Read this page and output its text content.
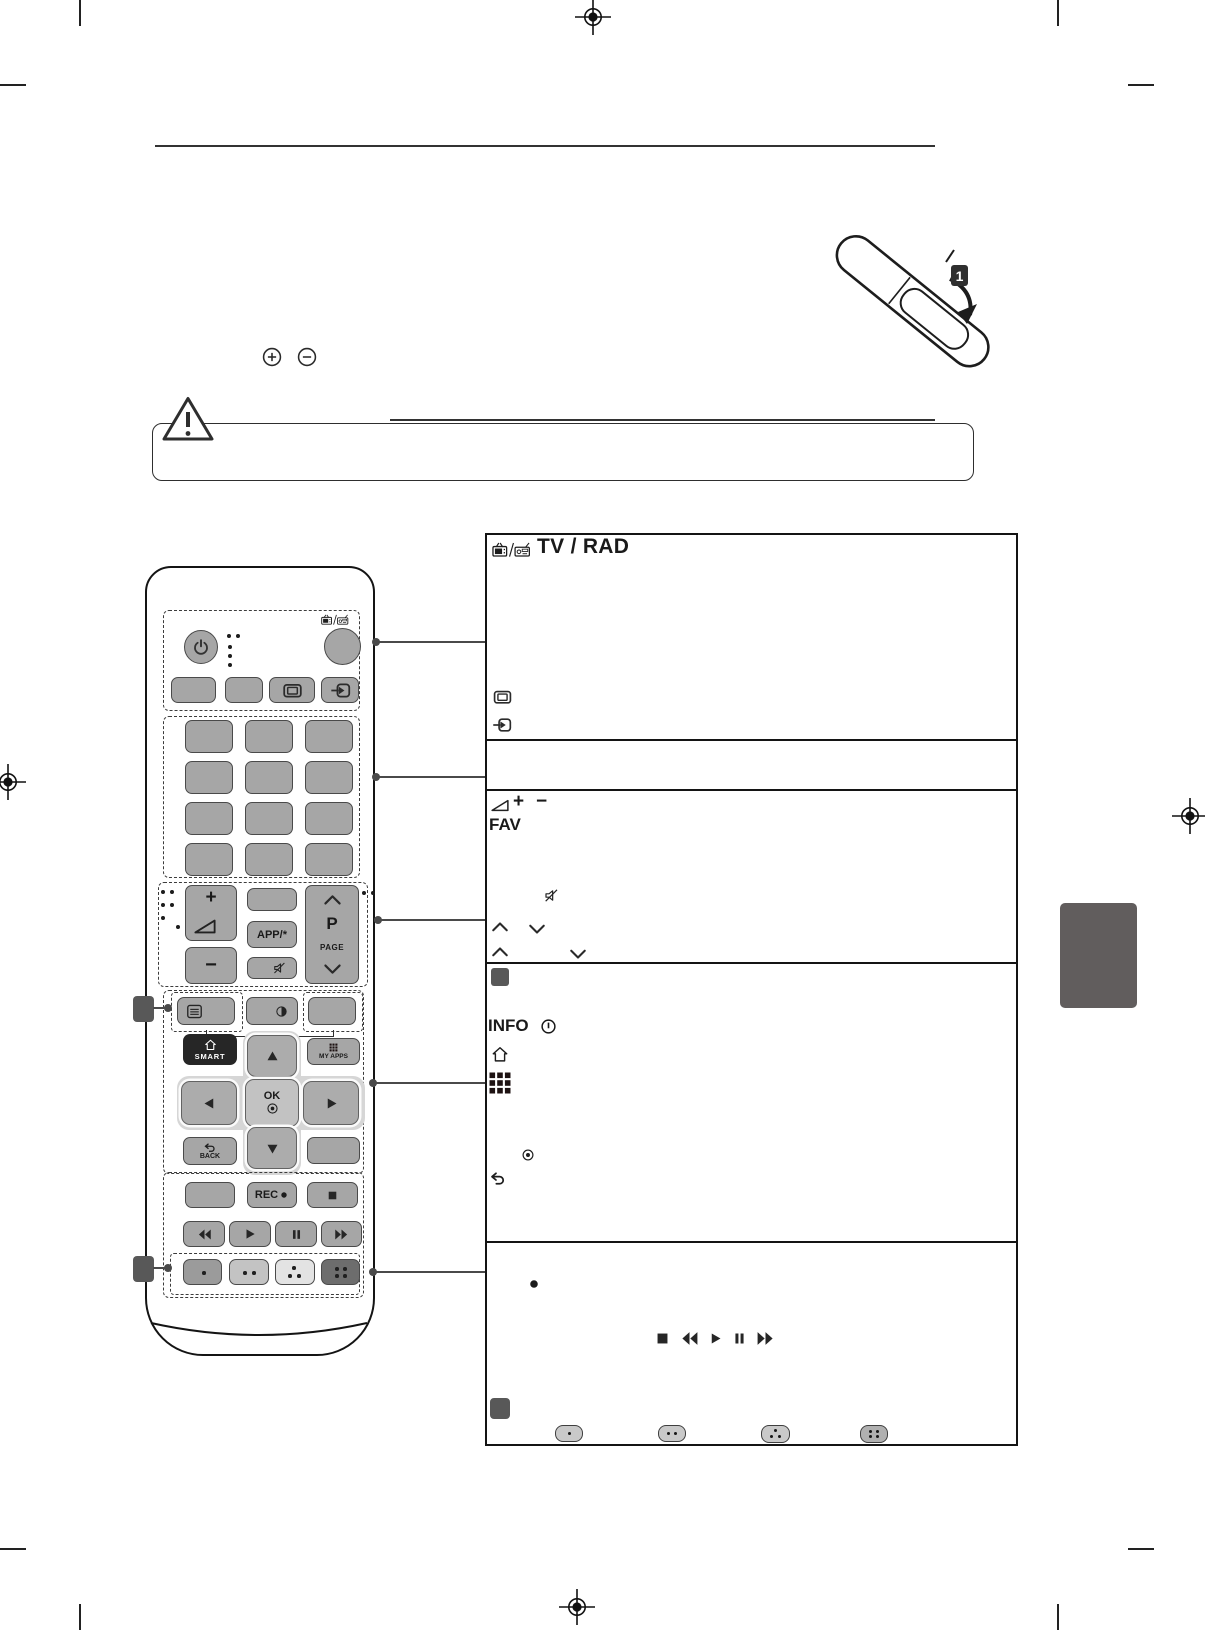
1
+
−
APP/*
P
PAGE
SMART	MY APPS
OK
BACK
REC
TV / RAD
+ −
FAV
INFO
